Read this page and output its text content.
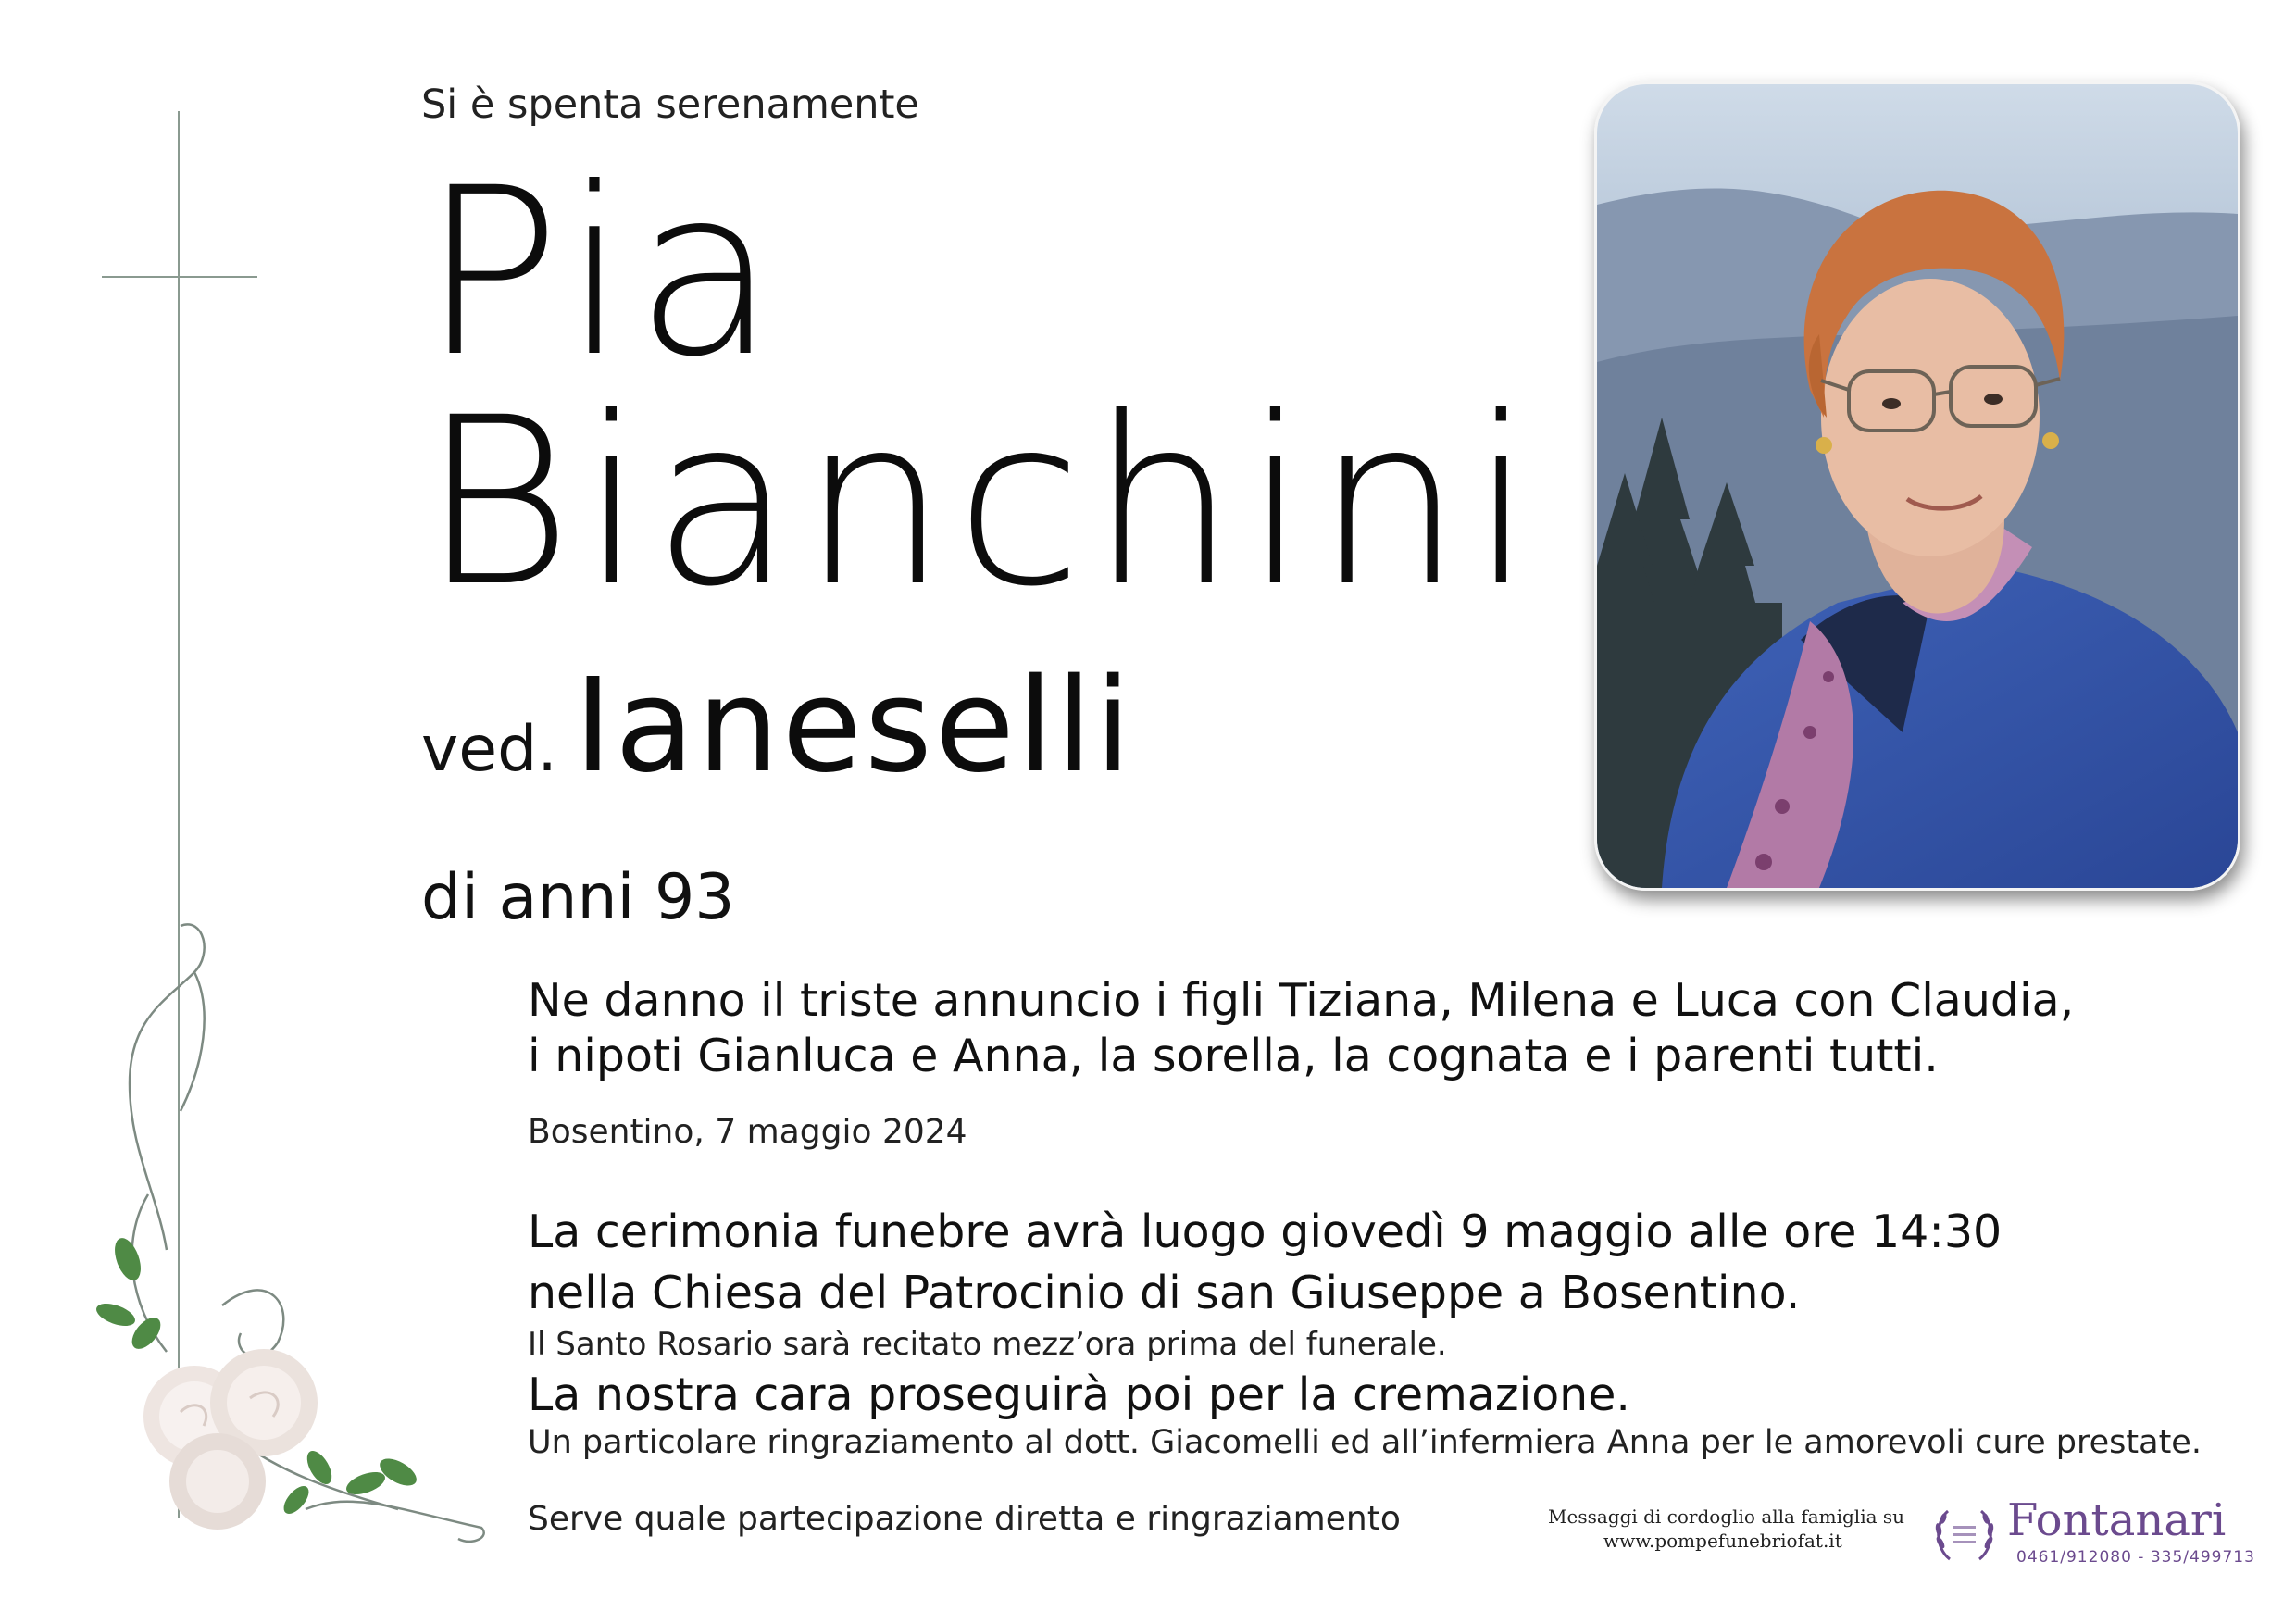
Si è spenta serenamente
Pia
Bianchini
ved. Ianeselli
di anni 93
Ne danno il triste annuncio i figli Tiziana, Milena e Luca con Claudia,
i nipoti Gianluca e Anna, la sorella, la cognata e i parenti tutti.
Bosentino, 7 maggio 2024
La cerimonia funebre avrà luogo giovedì 9 maggio alle ore 14:30
nella Chiesa del Patrocinio di san Giuseppe a Bosentino.
Il Santo Rosario sarà recitato mezz’ora prima del funerale.
La nostra cara proseguirà poi per la cremazione.
Un particolare ringraziamento al dott. Giacomelli ed all’infermiera Anna per le amorevoli cure prestate.
Serve quale partecipazione diretta e ringraziamento	Messaggi di cordoglio alla famiglia su
www.pompefunebriofat.it	Fontanari
0461/912080 - 335/499713
